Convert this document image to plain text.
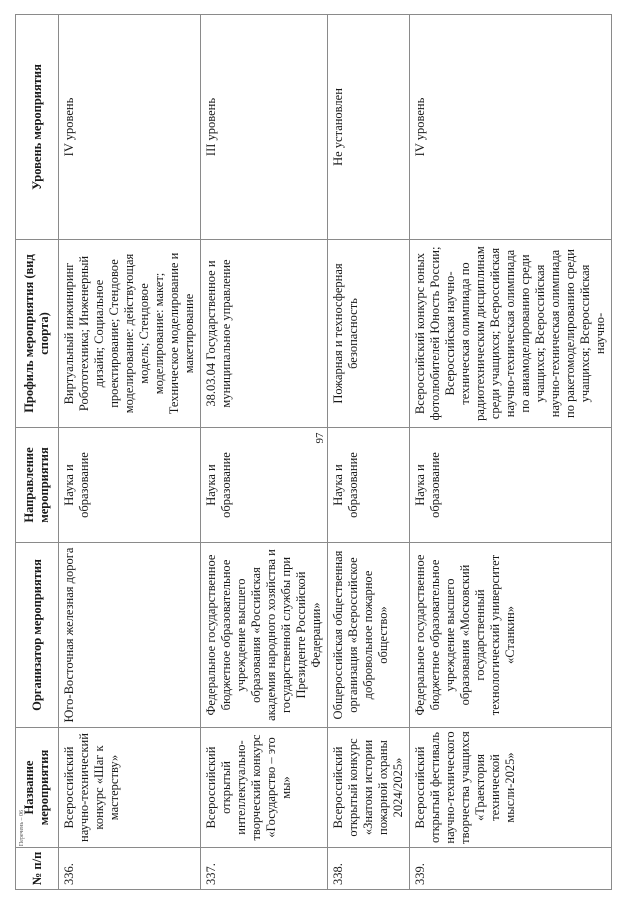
97
Перечень – 06
№ п/п	Название мероприятия	Организатор мероприятия	Направление мероприятия	Профиль мероприятия (вид спорта)	Уровень мероприятия
336.	Всероссийский научно-технический конкурс «Шаг к мастерству»	Юго-Восточная железная дорога	Наука и образование	Виртуальный инжиниринг Робототехника; Инженерный дизайн; Социальное проектирование; Стендовое моделирование: действующая модель; Стендовое моделирование: макет; Техническое моделирование и макетирование	IV уровень
337.	Всероссийский открытый интеллектуально-творческий конкурс «Государство – это мы»	Федеральное государственное бюджетное образовательное учреждение высшего образования «Российская академия народного хозяйства и государственной службы при Президенте Российской Федерации»	Наука и образование	38.03.04 Государственное и муниципальное управление	III уровень
338.	Всероссийский открытый конкурс «Знатоки истории пожарной охраны 2024/2025»	Общероссийская общественная организация «Всероссийское добровольное пожарное общество»	Наука и образование	Пожарная и техносферная безопасность	Не установлен
339.	Всероссийский открытый фестиваль научно-технического творчества учащихся «Траектория технической мысли-2025»	Федеральное государственное бюджетное образовательное учреждение высшего образования «Московский государственный технологический университет «Станкин»	Наука и образование	Всероссийский конкурс юных фотолюбителей Юность России; Всероссийская научно-техническая олимпиада по радиотехническим дисциплинам среди учащихся; Всероссийская научно-техническая олимпиада по авиамоделированию среди учащихся; Всероссийская научно-техническая олимпиада по ракетомоделированию среди учащихся; Всероссийская научно-	IV уровень
